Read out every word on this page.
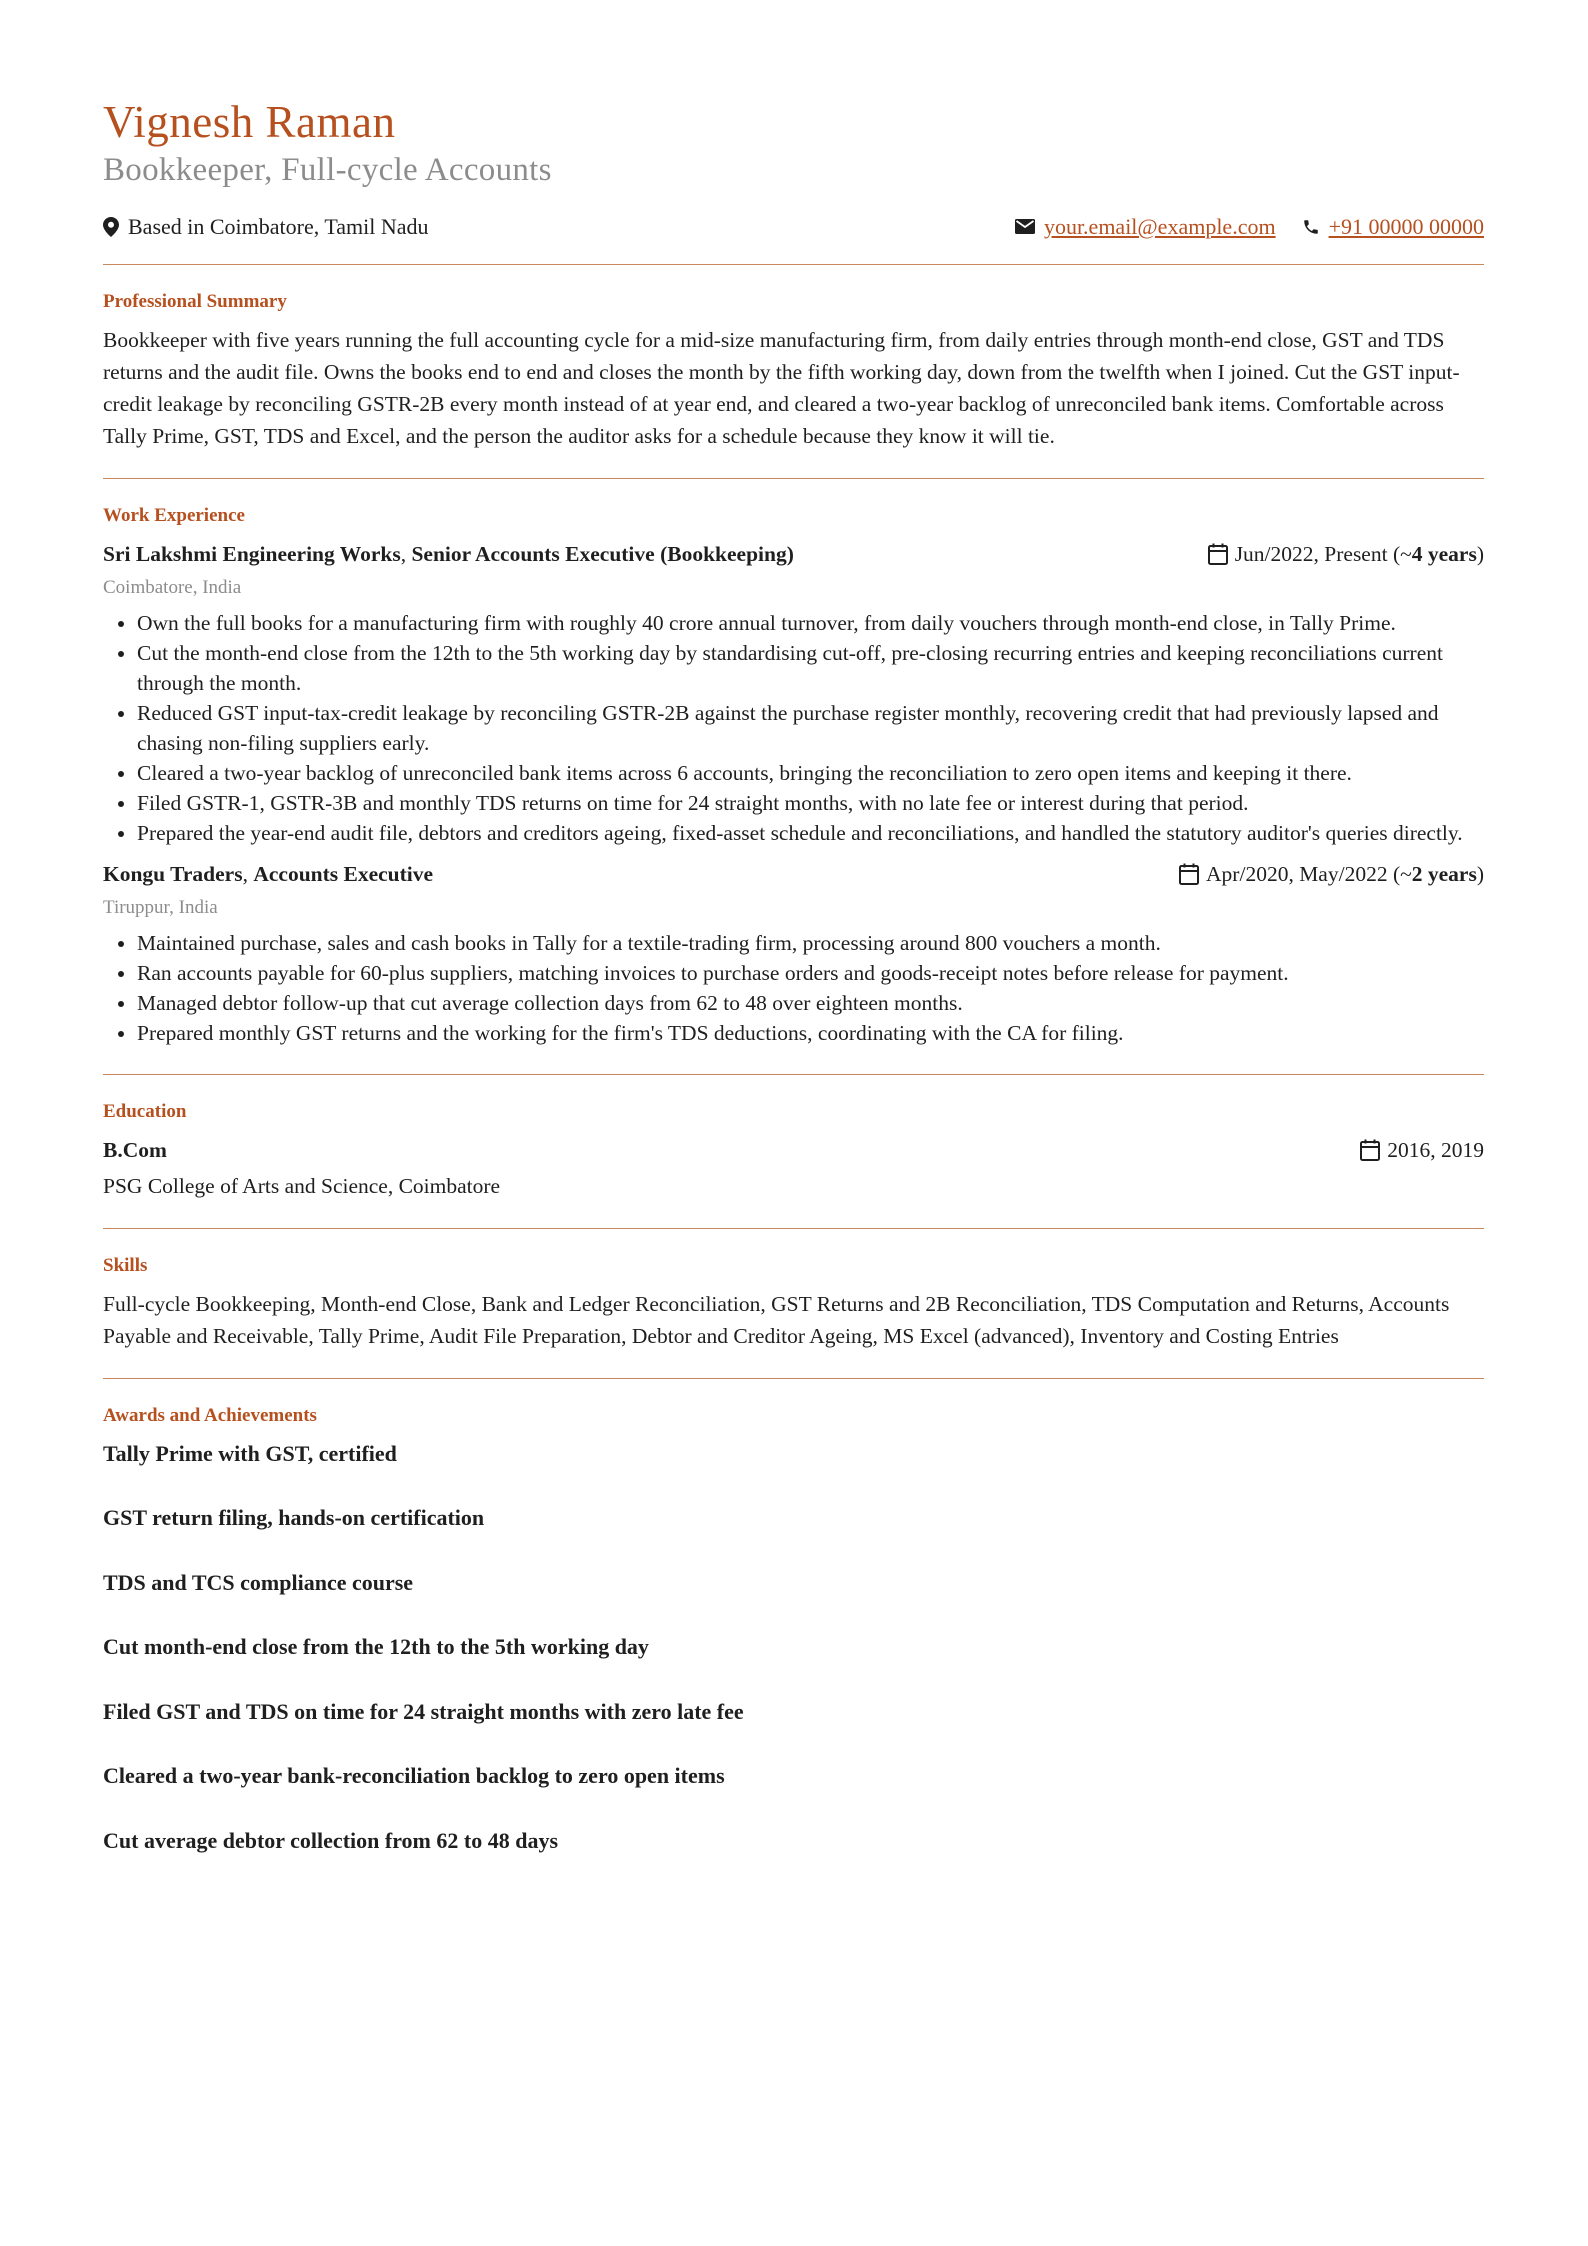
Vignesh Raman
Bookkeeper, Full-cycle Accounts
Based in Coimbatore, Tamil Nadu	your.email@example.com +91 00000 00000
Professional Summary
Bookkeeper with five years running the full accounting cycle for a mid-size manufacturing firm, from daily entries through month-end close, GST and TDS returns and the audit file. Owns the books end to end and closes the month by the fifth working day, down from the twelfth when I joined. Cut the GST input-credit leakage by reconciling GSTR-2B every month instead of at year end, and cleared a two-year backlog of unreconciled bank items. Comfortable across Tally Prime, GST, TDS and Excel, and the person the auditor asks for a schedule because they know it will tie.
Work Experience
Sri Lakshmi Engineering Works, Senior Accounts Executive (Bookkeeping)	Jun/2022, Present (~ 4 years )
Coimbatore, India
• Own the full books for a manufacturing firm with roughly 40 crore annual turnover, from daily vouchers through month-end close, in Tally Prime.
• Cut the month-end close from the 12th to the 5th working day by standardising cut-off, pre-closing recurring entries and keeping reconciliations current through the month.
• Reduced GST input-tax-credit leakage by reconciling GSTR-2B against the purchase register monthly, recovering credit that had previously lapsed and chasing non-filing suppliers early.
• Cleared a two-year backlog of unreconciled bank items across 6 accounts, bringing the reconciliation to zero open items and keeping it there.
• Filed GSTR-1, GSTR-3B and monthly TDS returns on time for 24 straight months, with no late fee or interest during that period.
• Prepared the year-end audit file, debtors and creditors ageing, fixed-asset schedule and reconciliations, and handled the statutory auditor's queries directly.
Kongu Traders, Accounts Executive	Apr/2020, May/2022 (~ 2 years )
Tiruppur, India
• Maintained purchase, sales and cash books in Tally for a textile-trading firm, processing around 800 vouchers a month.
• Ran accounts payable for 60-plus suppliers, matching invoices to purchase orders and goods-receipt notes before release for payment.
• Managed debtor follow-up that cut average collection days from 62 to 48 over eighteen months.
• Prepared monthly GST returns and the working for the firm's TDS deductions, coordinating with the CA for filing.
Education
B.Com	2016, 2019
PSG College of Arts and Science, Coimbatore
Skills
Full-cycle Bookkeeping, Month-end Close, Bank and Ledger Reconciliation, GST Returns and 2B Reconciliation, TDS Computation and Returns, Accounts Payable and Receivable, Tally Prime, Audit File Preparation, Debtor and Creditor Ageing, MS Excel (advanced), Inventory and Costing Entries
Awards and Achievements
Tally Prime with GST, certified
GST return filing, hands-on certification
TDS and TCS compliance course
Cut month-end close from the 12th to the 5th working day
Filed GST and TDS on time for 24 straight months with zero late fee
Cleared a two-year bank-reconciliation backlog to zero open items
Cut average debtor collection from 62 to 48 days
